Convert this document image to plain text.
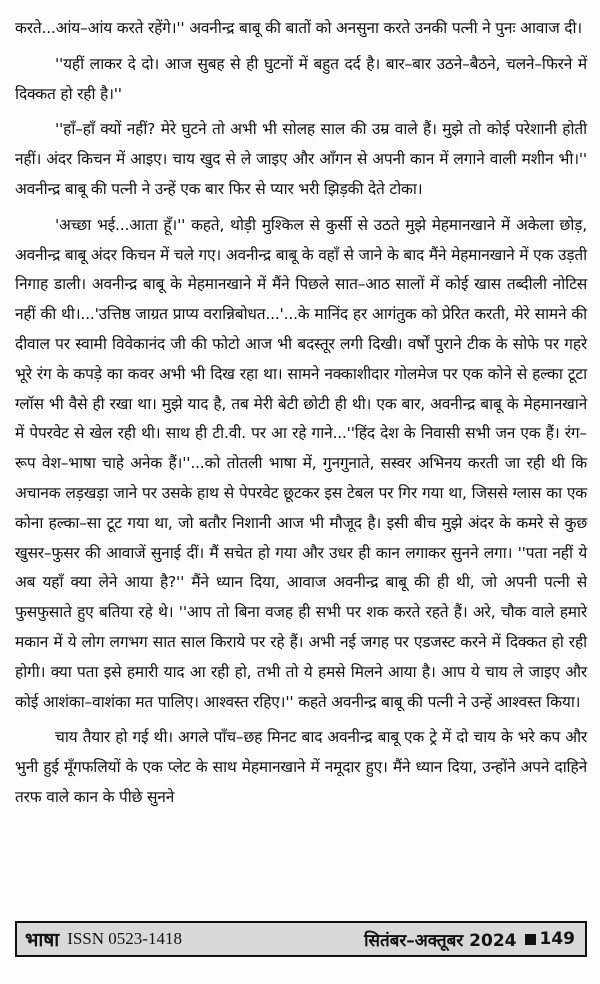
करते...आंय–आंय करते रहेंगे।'' अवनीन्द्र बाबू की बातों को अनसुना करते उनकी पत्नी ने पुनः आवाज दी।

''यहीं लाकर दे दो। आज सुबह से ही घुटनों में बहुत दर्द है। बार–बार उठने–बैठने, चलने–फिरने में दिक्कत हो रही है।''

''हाँ–हाँ क्यों नहीं? मेरे घुटने तो अभी भी सोलह साल की उम्र वाले हैं। मुझे तो कोई परेशानी होती नहीं। अंदर किचन में आइए। चाय खुद से ले जाइए और आँगन से अपनी कान में लगाने वाली मशीन भी।'' अवनीन्द्र बाबू की पत्नी ने उन्हें एक बार फिर से प्यार भरी झिड़की देते टोका।

'अच्छा भई...आता हूँ।'' कहते, थोड़ी मुश्किल से कुर्सी से उठते मुझे मेहमानखाने में अकेला छोड़, अवनीन्द्र बाबू अंदर किचन में चले गए। अवनीन्द्र बाबू के वहाँ से जाने के बाद मैंने मेहमानखाने में एक उड़ती निगाह डाली। अवनीन्द्र बाबू के मेहमानखाने में मैंने पिछले सात–आठ सालों में कोई खास तब्दीली नोटिस नहीं की थी।...'उत्तिष्ठ जाग्रत प्राप्य वरान्निबोधत...'...के मानिंद हर आगंतुक को प्रेरित करती, मेरे सामने की दीवाल पर स्वामी विवेकानंद जी की फोटो आज भी बदस्तूर लगी दिखी। वर्षों पुराने टीक के सोफे पर गहरे भूरे रंग के कपड़े का कवर अभी भी दिख रहा था। सामने नक्काशीदार गोलमेज पर एक कोने से हल्का टूटा ग्लॉस भी वैसे ही रखा था। मुझे याद है, तब मेरी बेटी छोटी ही थी। एक बार, अवनीन्द्र बाबू के मेहमानखाने में पेपरवेट से खेल रही थी। साथ ही टी.वी. पर आ रहे गाने...''हिंद देश के निवासी सभी जन एक हैं। रंग–रूप वेश–भाषा चाहे अनेक हैं।''...को तोतली भाषा में, गुनगुनाते, सस्वर अभिनय करती जा रही थी कि अचानक लड़खड़ा जाने पर उसके हाथ से पेपरवेट छूटकर इस टेबल पर गिर गया था, जिससे ग्लास का एक कोना हल्का–सा टूट गया था, जो बतौर निशानी आज भी मौजूद है। इसी बीच मुझे अंदर के कमरे से कुछ खुसर–फुसर की आवाजें सुनाई दीं। मैं सचेत हो गया और उधर ही कान लगाकर सुनने लगा। ''पता नहीं ये अब यहाँ क्या लेने आया है?'' मैंने ध्यान दिया, आवाज अवनीन्द्र बाबू की ही थी, जो अपनी पत्नी से फुसफुसाते हुए बतिया रहे थे। ''आप तो बिना वजह ही सभी पर शक करते रहते हैं। अरे, चौक वाले हमारे मकान में ये लोग लगभग सात साल किराये पर रहे हैं। अभी नई जगह पर एडजस्ट करने में दिक्कत हो रही होगी। क्या पता इसे हमारी याद आ रही हो, तभी तो ये हमसे मिलने आया है। आप ये चाय ले जाइए और कोई आशंका–वाशंका मत पालिए। आश्वस्त रहिए।'' कहते अवनीन्द्र बाबू की पत्नी ने उन्हें आश्वस्त किया।

चाय तैयार हो गई थी। अगले पाँच–छह मिनट बाद अवनीन्द्र बाबू एक ट्रे में दो चाय के भरे कप और भुनी हुई मूँगफलियों के एक प्लेट के साथ मेहमानखाने में नमूदार हुए। मैंने ध्यान दिया, उन्होंने अपने दाहिने तरफ वाले कान के पीछे सुनने

भाषा ISSN 0523-1418	सितंबर–अक्तूबर 2024 149
